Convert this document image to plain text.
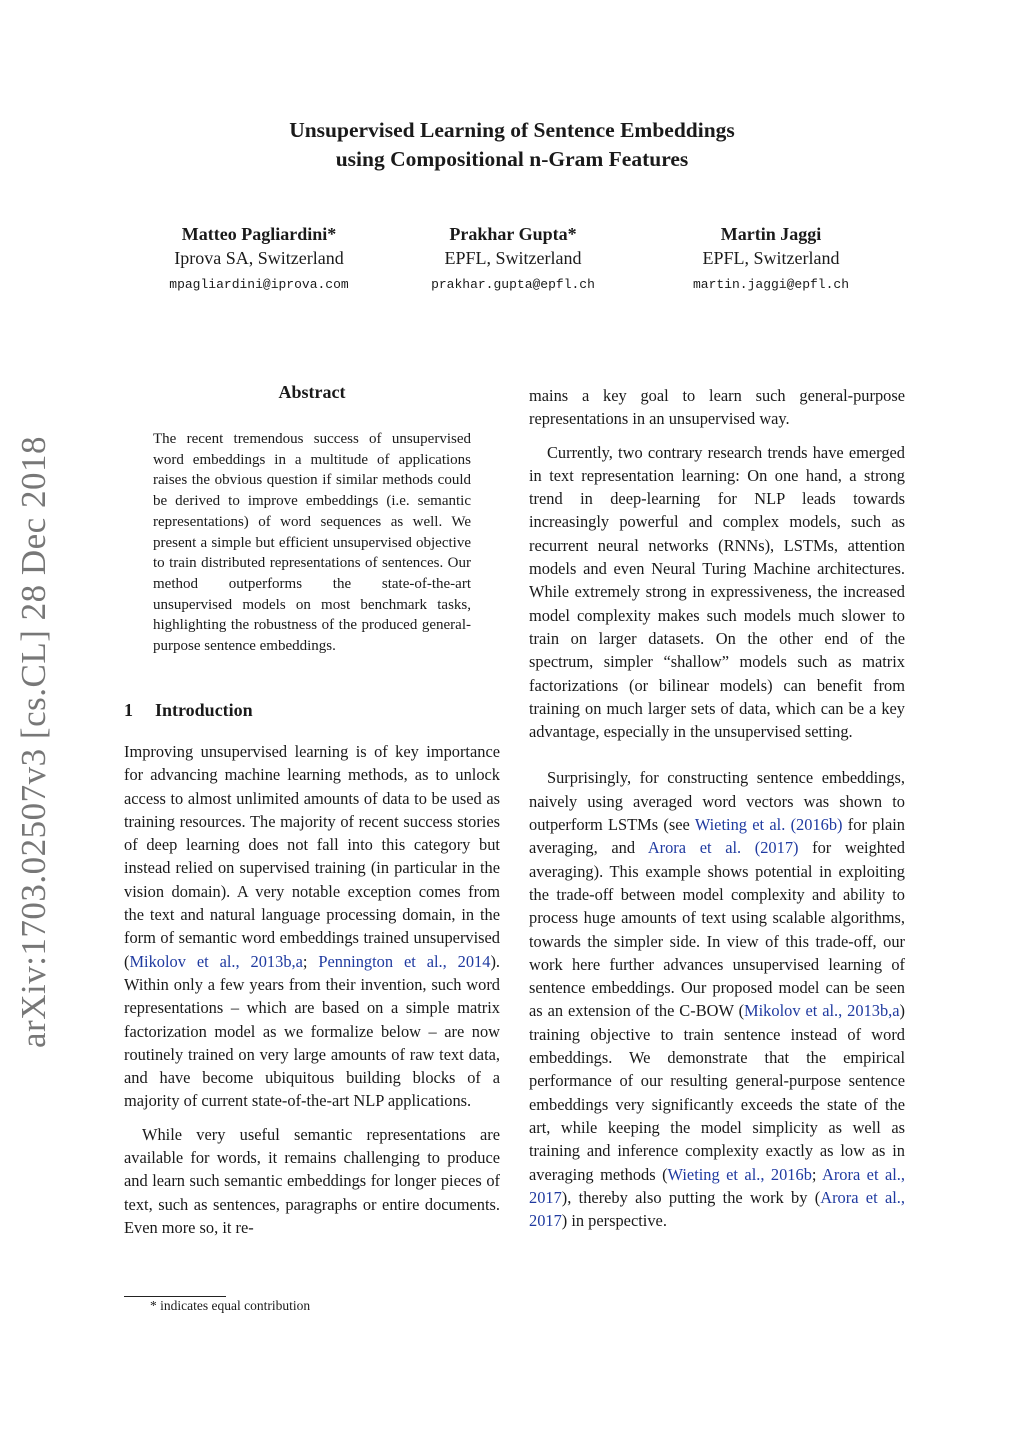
Unsupervised Learning of Sentence Embeddings
using Compositional n-Gram Features
Matteo Pagliardini*
Iprova SA, Switzerland
mpagliardini@iprova.com
Prakhar Gupta*
EPFL, Switzerland
prakhar.gupta@epfl.ch
Martin Jaggi
EPFL, Switzerland
martin.jaggi@epfl.ch
arXiv:1703.02507v3 [cs.CL] 28 Dec 2018
Abstract
The recent tremendous success of unsupervised word embeddings in a multitude of applications raises the obvious question if similar methods could be derived to improve embeddings (i.e. semantic representations) of word sequences as well. We present a simple but efficient unsupervised objective to train distributed representations of sentences. Our method outperforms the state-of-the-art unsupervised models on most benchmark tasks, highlighting the robustness of the produced general-purpose sentence embeddings.
1 Introduction

Improving unsupervised learning is of key importance for advancing machine learning methods, as to unlock access to almost unlimited amounts of data to be used as training resources. The majority of recent success stories of deep learning does not fall into this category but instead relied on supervised training (in particular in the vision domain). A very notable exception comes from the text and natural language processing domain, in the form of semantic word embeddings trained unsupervised (Mikolov et al., 2013b,a; Pennington et al., 2014). Within only a few years from their invention, such word representations – which are based on a simple matrix factorization model as we formalize below – are now routinely trained on very large amounts of raw text data, and have become ubiquitous building blocks of a majority of current state-of-the-art NLP applications.

While very useful semantic representations are available for words, it remains challenging to produce and learn such semantic embeddings for longer pieces of text, such as sentences, paragraphs or entire documents. Even more so, it re-

mains a key goal to learn such general-purpose representations in an unsupervised way.

Currently, two contrary research trends have emerged in text representation learning: On one hand, a strong trend in deep-learning for NLP leads towards increasingly powerful and complex models, such as recurrent neural networks (RNNs), LSTMs, attention models and even Neural Turing Machine architectures. While extremely strong in expressiveness, the increased model complexity makes such models much slower to train on larger datasets. On the other end of the spectrum, simpler “shallow” models such as matrix factorizations (or bilinear models) can benefit from training on much larger sets of data, which can be a key advantage, especially in the unsupervised setting.

Surprisingly, for constructing sentence embeddings, naively using averaged word vectors was shown to outperform LSTMs (see Wieting et al. (2016b) for plain averaging, and Arora et al. (2017) for weighted averaging). This example shows potential in exploiting the trade-off between model complexity and ability to process huge amounts of text using scalable algorithms, towards the simpler side. In view of this trade-off, our work here further advances unsupervised learning of sentence embeddings. Our proposed model can be seen as an extension of the C-BOW (Mikolov et al., 2013b,a) training objective to train sentence instead of word embeddings. We demonstrate that the empirical performance of our resulting general-purpose sentence embeddings very significantly exceeds the state of the art, while keeping the model simplicity as well as training and inference complexity exactly as low as in averaging methods (Wieting et al., 2016b; Arora et al., 2017), thereby also putting the work by (Arora et al., 2017) in perspective.

* indicates equal contribution
